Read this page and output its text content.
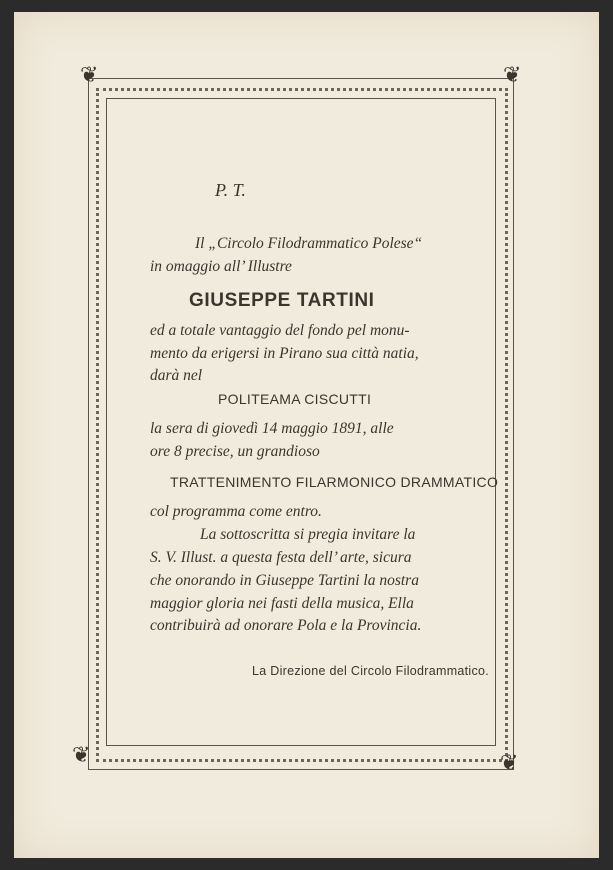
❦	❦
❦	❦
P. T.
Il „Circolo Filodrammatico Polese“
in omaggio all’ Illustre
GIUSEPPE TARTINI
ed a totale vantaggio del fondo pel monu-
mento da erigersi in Pirano sua città natia,
darà nel
POLITEAMA CISCUTTI
la sera di giovedì 14 maggio 1891, alle
ore 8 precise, un grandioso
TRATTENIMENTO FILARMONICO DRAMMATICO
col programma come entro.
La sottoscritta si pregia invitare la
S. V. Illust. a questa festa dell’ arte, sicura
che onorando in Giuseppe Tartini la nostra
maggior gloria nei fasti della musica, Ella
contribuirà ad onorare Pola e la Provincia.
La Direzione del Circolo Filodrammatico.
